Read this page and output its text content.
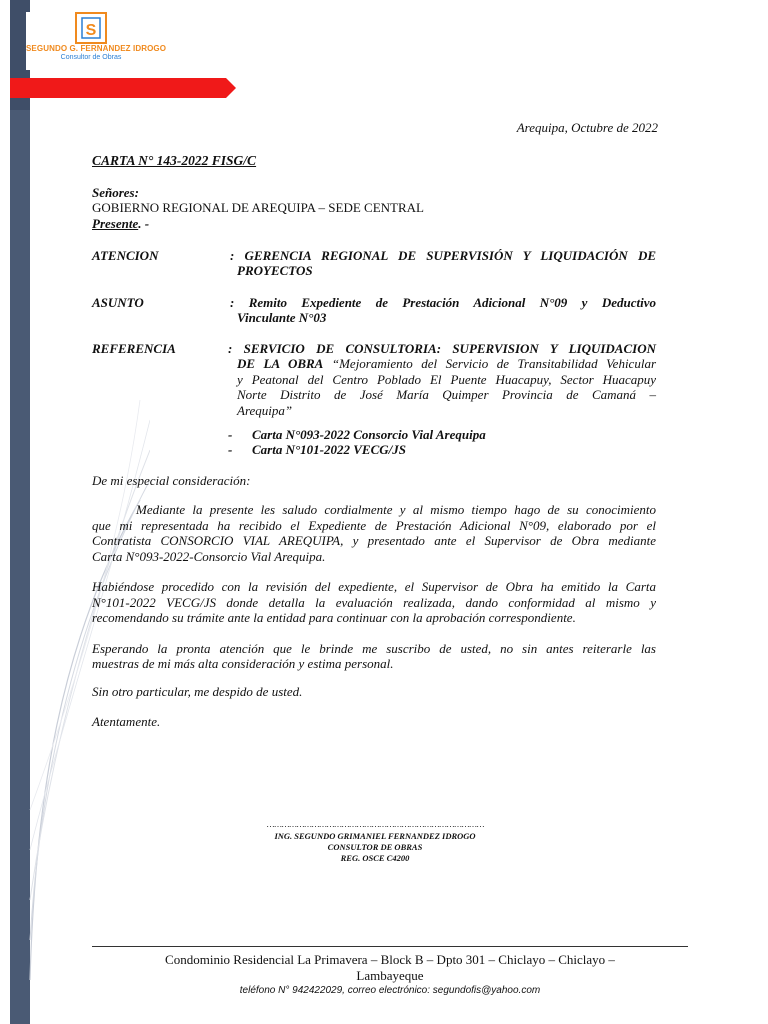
S
SEGUNDO G. FERNANDEZ IDROGO
Consultor de Obras
Arequipa, Octubre de 2022
CARTA N° 143-2022 FISG/C
Señores:
GOBIERNO REGIONAL DE AREQUIPA – SEDE CENTRAL
Presente. -
ATENCION	: GERENCIA REGIONAL DE SUPERVISIÓN Y LIQUIDACIÓN DE
PROYECTOS
ASUNTO	: Remito Expediente de Prestación Adicional N°09 y Deductivo
Vinculante N°03
REFERENCIA	: SERVICIO DE CONSULTORIA: SUPERVISION Y LIQUIDACION
DE LA OBRA “Mejoramiento del Servicio de Transitabilidad Vehicular
y Peatonal del Centro Poblado El Puente Huacapuy, Sector Huacapuy
Norte Distrito de José María Quimper Provincia de Camaná –
Arequipa”
- Carta N°093-2022 Consorcio Vial Arequipa
- Carta N°101-2022 VECG/JS
De mi especial consideración:
Mediante la presente les saludo cordialmente y al mismo tiempo hago de su conocimiento
que mi representada ha recibido el Expediente de Prestación Adicional N°09, elaborado por el
Contratista CONSORCIO VIAL AREQUIPA, y presentado ante el Supervisor de Obra mediante
Carta N°093-2022-Consorcio Vial Arequipa.
Habiéndose procedido con la revisión del expediente, el Supervisor de Obra ha emitido la Carta
N°101-2022 VECG/JS donde detalla la evaluación realizada, dando conformidad al mismo y
recomendando su trámite ante la entidad para continuar con la aprobación correspondiente.
Esperando la pronta atención que le brinde me suscribo de usted, no sin antes reiterarle las
muestras de mi más alta consideración y estima personal.
Sin otro particular, me despido de usted.
Atentamente.
……………………………………………………………………………
ING. SEGUNDO GRIMANIEL FERNANDEZ IDROGO
CONSULTOR DE OBRAS
REG. OSCE C4200
Condominio Residencial La Primavera – Block B – Dpto 301 – Chiclayo – Chiclayo –
Lambayeque
teléfono N° 942422029, correo electrónico: segundofis@yahoo.com
